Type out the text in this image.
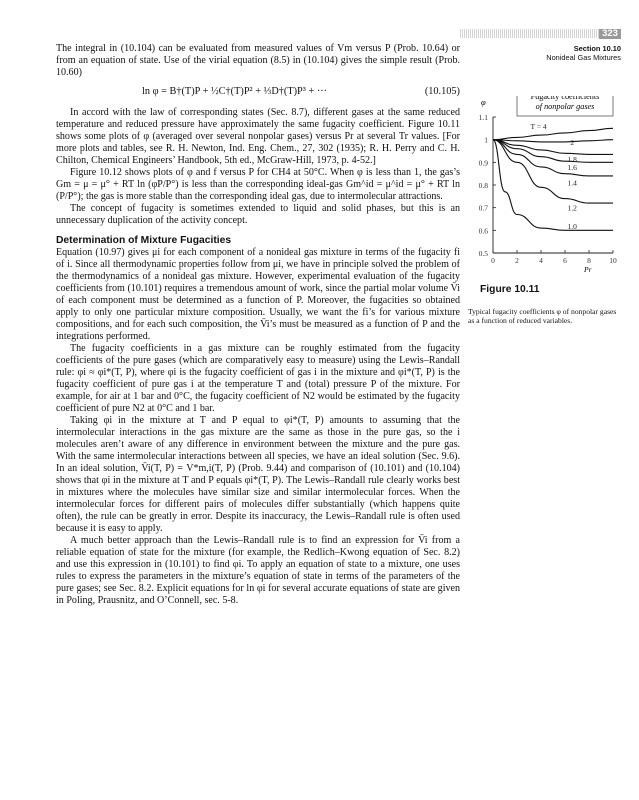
323
Section 10.10
Nonideal Gas Mixtures

The integral in (10.104) can be evaluated from measured values of Vm versus P (Prob. 10.64) or from an equation of state. Use of the virial equation (8.5) in (10.104) gives the simple result (Prob. 10.60)

ln φ = B†(T)P + ½C†(T)P² + ⅓D†(T)P³ + ···	(10.105)

In accord with the law of corresponding states (Sec. 8.7), different gases at the same reduced temperature and reduced pressure have approximately the same fugacity coefficient. Figure 10.11 shows some plots of φ (averaged over several nonpolar gases) versus Pr at several Tr values. [For more plots and tables, see R. H. Newton, Ind. Eng. Chem., 27, 302 (1935); R. H. Perry and C. H. Chilton, Chemical Engineers’ Handbook, 5th ed., McGraw-Hill, 1973, p. 4-52.]

Figure 10.12 shows plots of φ and f versus P for CH4 at 50°C. When φ is less than 1, the gas’s Gm = μ = μ° + RT ln (φP/P°) is less than the corresponding ideal-gas Gm^id = μ^id = μ° + RT ln (P/P°); the gas is more stable than the corresponding ideal gas, due to intermolecular attractions.

The concept of fugacity is sometimes extended to liquid and solid phases, but this is an unnecessary duplication of the activity concept.

Determination of Mixture Fugacities

Equation (10.97) gives μi for each component of a nonideal gas mixture in terms of the fugacity fi of i. Since all thermodynamic properties follow from μi, we have in principle solved the problem of the thermodynamics of a nonideal gas mixture. However, experimental evaluation of the fugacity coefficients from (10.101) requires a tremendous amount of work, since the partial molar volume V̄i of each component must be determined as a function of P. Moreover, the fugacities so obtained apply to only one particular mixture composition. Usually, we want the fi’s for various mixture compositions, and for each such composition, the V̄i’s must be measured as a function of P and the integrations performed.

The fugacity coefficients in a gas mixture can be roughly estimated from the fugacity coefficients of the pure gases (which are comparatively easy to measure) using the Lewis–Randall rule: φi ≈ φi*(T, P), where φi is the fugacity coefficient of gas i in the mixture and φi*(T, P) is the fugacity coefficient of pure gas i at the temperature T and (total) pressure P of the mixture. For example, for air at 1 bar and 0°C, the fugacity coefficient of N2 would be estimated by the fugacity coefficient of pure N2 at 0°C and 1 bar.

Taking φi in the mixture at T and P equal to φi*(T, P) amounts to assuming that the intermolecular interactions in the gas mixture are the same as those in the pure gas, so the i molecules aren’t aware of any difference in environment between the mixture and the pure gas. With the same intermolecular interactions between all species, we have an ideal solution (Sec. 9.6). In an ideal solution, V̄i(T, P) = V*m,i(T, P) (Prob. 9.44) and comparison of (10.101) and (10.104) shows that φi in the mixture at T and P equals φi*(T, P). The Lewis–Randall rule clearly works best in mixtures where the molecules have similar size and similar intermolecular forces. When the intermolecular forces for different pairs of molecules differ substantially (which happens quite often), the rule can be greatly in error. Despite its inaccuracy, the Lewis–Randall rule is often used because it is easy to apply.

A much better approach than the Lewis–Randall rule is to find an expression for V̄i from a reliable equation of state for the mixture (for example, the Redlich–Kwong equation of Sec. 8.2) and use this expression in (10.101) to find φi. To apply an equation of state to a mixture, one uses rules to express the parameters in the mixture’s equation of state in terms of the parameters of the pure gases; see Sec. 8.2. Explicit equations for ln φi for several accurate equations of state are given in Poling, Prausnitz, and O’Connell, sec. 5-8.

Fugacity coefficients
of nonpolar gases
φ
Pr
0.5
0.6
0.7
0.8
0.9
1
1.1
0	2	4	6	8 10
T = 4
2
1.8
1.6
1.4
1.2
1.0
Figure 10.11
Typical fugacity coefficients φ of nonpolar gases as a function of reduced variables.
